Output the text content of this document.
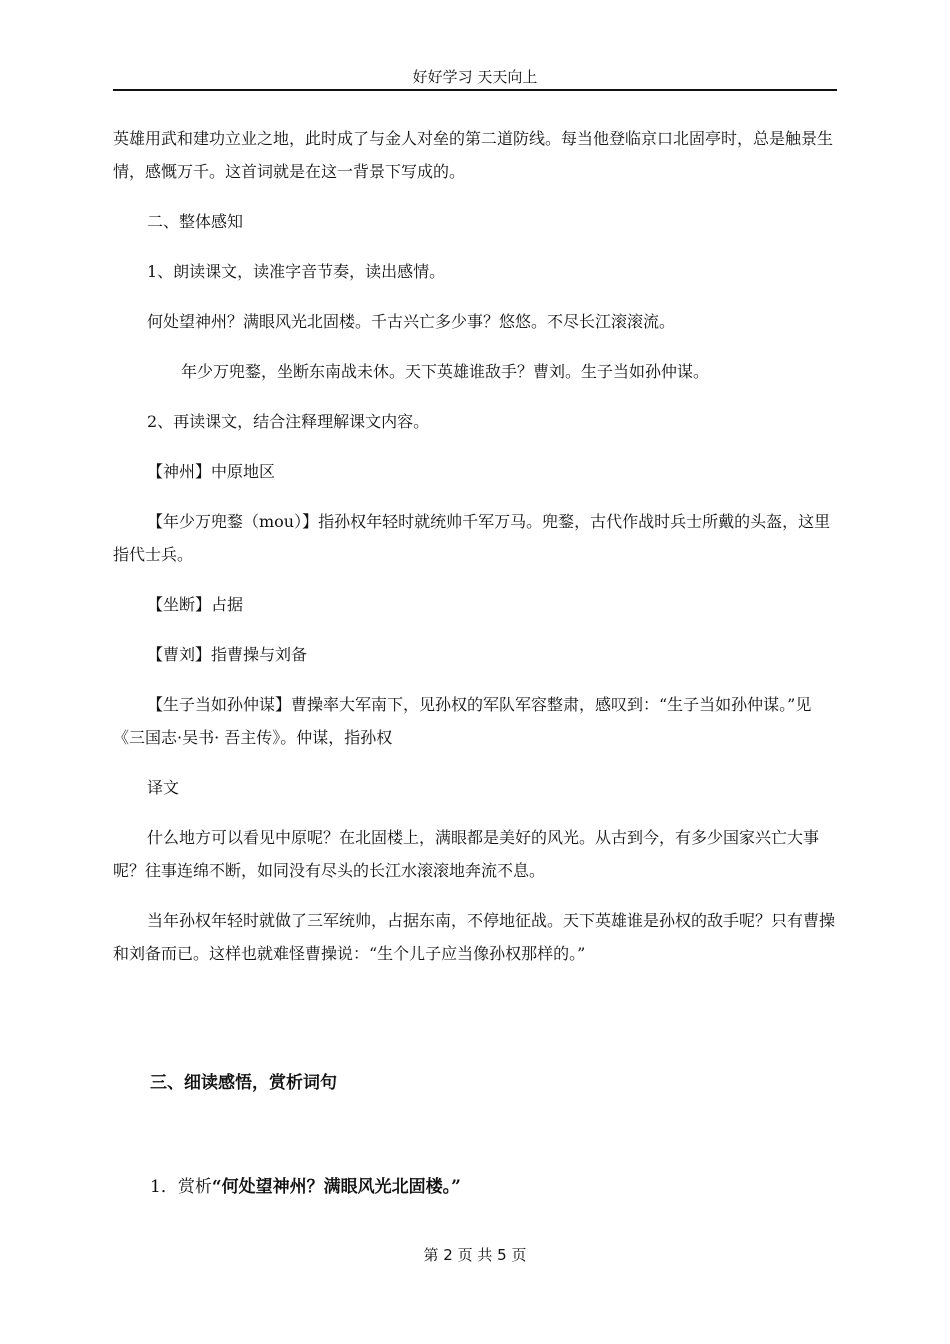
好好学习 天天向上

英雄用武和建功立业之地，此时成了与金人对垒的第二道防线。每当他登临京口北固亭时，总是触景生情，感慨万千。这首词就是在这一背景下写成的。

二、整体感知

1、朗读课文，读准字音节奏，读出感情。

何处望神州？满眼风光北固楼。千古兴亡多少事？悠悠。不尽长江滚滚流。

年少万兜鍪，坐断东南战未休。天下英雄谁敌手？曹刘。生子当如孙仲谋。

2、再读课文，结合注释理解课文内容。

【神州】中原地区

【年少万兜鍪（mou）】指孙权年轻时就统帅千军万马。兜鍪，古代作战时兵士所戴的头盔，这里指代士兵。

【坐断】占据

【曹刘】指曹操与刘备

【生子当如孙仲谋】曹操率大军南下，见孙权的军队军容整肃，感叹到：“生子当如孙仲谋。”见《三国志·吴书· 吾主传》。仲谋，指孙权

译文

什么地方可以看见中原呢？在北固楼上，满眼都是美好的风光。从古到今，有多少国家兴亡大事呢？往事连绵不断，如同没有尽头的长江水滚滚地奔流不息。

当年孙权年轻时就做了三军统帅，占据东南，不停地征战。天下英雄谁是孙权的敌手呢？只有曹操和刘备而已。这样也就难怪曹操说：“生个儿子应当像孙权那样的。”

三、细读感悟，赏析词句
1．赏析“何处望神州？满眼风光北固楼。”
第 2 页 共 5 页
